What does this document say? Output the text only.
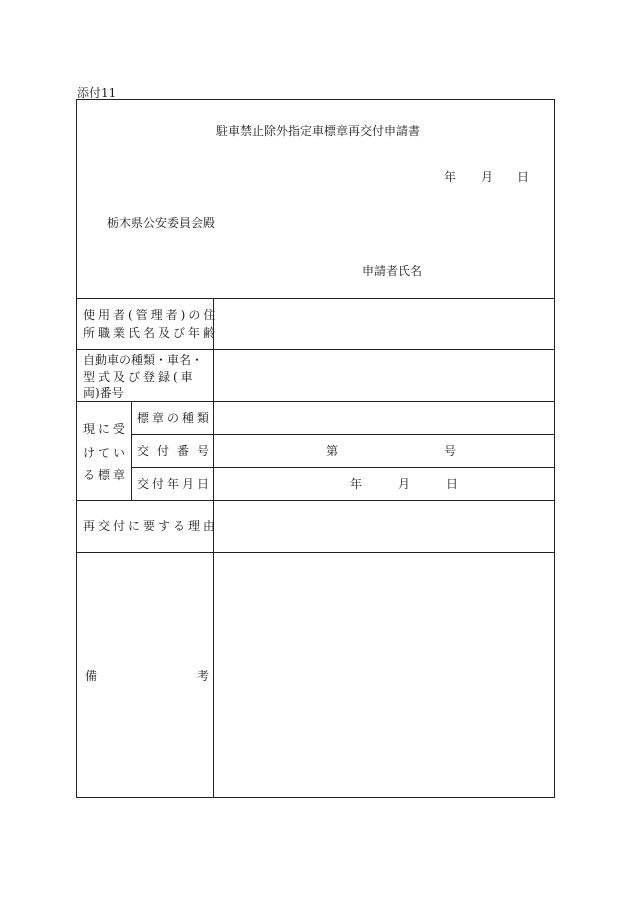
添付11
駐車禁止除外指定車標章再交付申請書
年 月 日
栃木県公安委員会殿
申請者氏名
使用者(管理者)の住
所職業氏名及び年齢
自動車の種類・車名・
型式及び登録(車
両)番号
現に受
けてい
る標章
標章の種類
交付番号	第	号
交付年月日	年	月	日
再交付に要する理由
備	考
